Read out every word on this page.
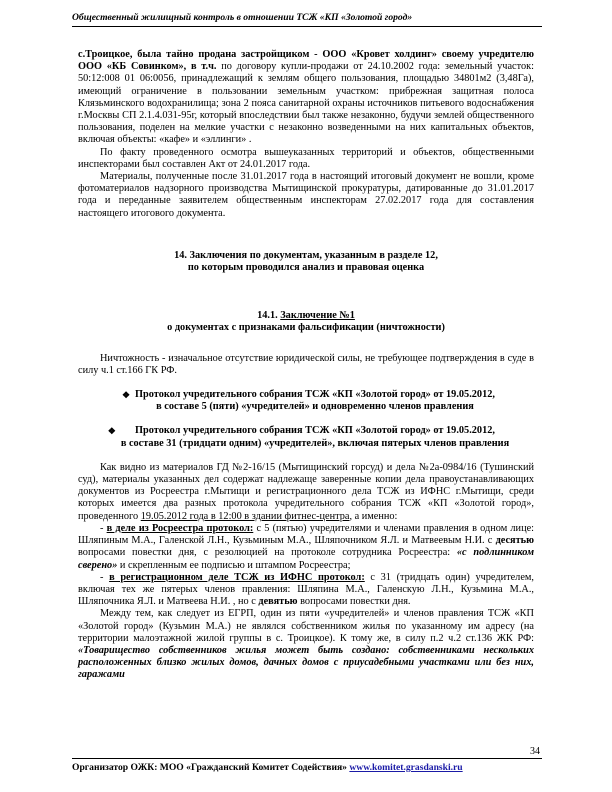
Общественный жилищный контроль в отношении ТСЖ «КП «Золотой город»

с.Троицкое, была тайно продана застройщиком - ООО «Кровет холдинг» своему учредителю ООО «КБ Совинком», в т.ч. по договору купли-продажи от 24.10.2002 года: земельный участок: 50:12:008 01 06:0056, принадлежащий к землям общего пользования, площадью 34801м2 (3,48Га), имеющий ограничение в пользовании земельным участком: прибрежная защитная полоса Клязьминского водохранилища; зона 2 пояса санитарной охраны источников питьевого водоснабжения г.Москвы СП 2.1.4.031-95г, который впоследствии был также незаконно, будучи землей общественного пользования, поделен на мелкие участки с незаконно возведенными на них капитальных объектов, включая объекты: «кафе» и «эллинги» .

По факту проведенного осмотра вышеуказанных территорий и объектов, общественными инспекторами был составлен Акт от 24.01.2017 года.

Материалы, полученные после 31.01.2017 года в настоящий итоговый документ не вошли, кроме фотоматериалов надзорного производства Мытищинской прокуратуры, датированные до 31.01.2017 года и переданные заявителем общественным инспекторам 27.02.2017 года для составления настоящего итогового документа.

14. Заключения по документам, указанным в разделе 12,

по которым проводился анализ и правовая оценка

14.1. Заключение №1

о документах с признаками фальсификации (ничтожности)

Ничтожность - изначальное отсутствие юридической силы, не требующее подтверждения в суде в силу ч.1 ст.166 ГК РФ.

❖ Протокол учредительного собрания ТСЖ «КП «Золотой город» от 19.05.2012,

в составе 5 (пяти) «учредителей» и одновременно членов правления

❖	Протокол учредительного собрания ТСЖ «КП «Золотой город» от 19.05.2012,

в составе 31 (тридцати одним) «учредителей», включая пятерых членов правления

Как видно из материалов ГД №2-16/15 (Мытищинский горсуд) и дела №2а-0984/16 (Тушинский суд), материалы указанных дел содержат надлежаще заверенные копии дела правоустанавливающих документов из Росреестра г.Мытищи и регистрационного дела ТСЖ из ИФНС г.Мытищи, среди которых имеется два разных протокола учредительного собрания ТСЖ «КП «Золотой город», проведенного 19.05.2012 года в 12:00 в здании фитнес-центра, а именно:

- в деле из Росреестра протокол: с 5 (пятью) учредителями и членами правления в одном лице: Шляпиным М.А., Галенской Л.Н., Кузьминым М.А., Шляпочником Я.Л. и Матвеевым Н.И. с десятью вопросами повестки дня, с резолюцией на протоколе сотрудника Росреестра: «с подлинником сверено» и скрепленным ее подписью и штампом Росреестра;

- в регистрационном деле ТСЖ из ИФНС протокол: с 31 (тридцать один) учредителем, включая тех же пятерых членов правления: Шляпина М.А., Галенскую Л.Н., Кузьмина М.А., Шляпочника Я.Л. и Матвеева Н.И. , но с девятью вопросами повестки дня.

Между тем, как следует из ЕГРП, один из пяти «учредителей» и членов правления ТСЖ «КП «Золотой город» (Кузьмин М.А.) не являлся собственником жилья по указанному им адресу (на территории малоэтажной жилой группы в с. Троицкое). К тому же, в силу п.2 ч.2 ст.136 ЖК РФ: «Товарищество собственников жилья может быть создано: собственниками нескольких расположенных близко жилых домов, дачных домов с приусадебными участками или без них, гаражами

34
Организатор ОЖК: МОО «Гражданский Комитет Содействия» www.komitet.grasdanski.ru
